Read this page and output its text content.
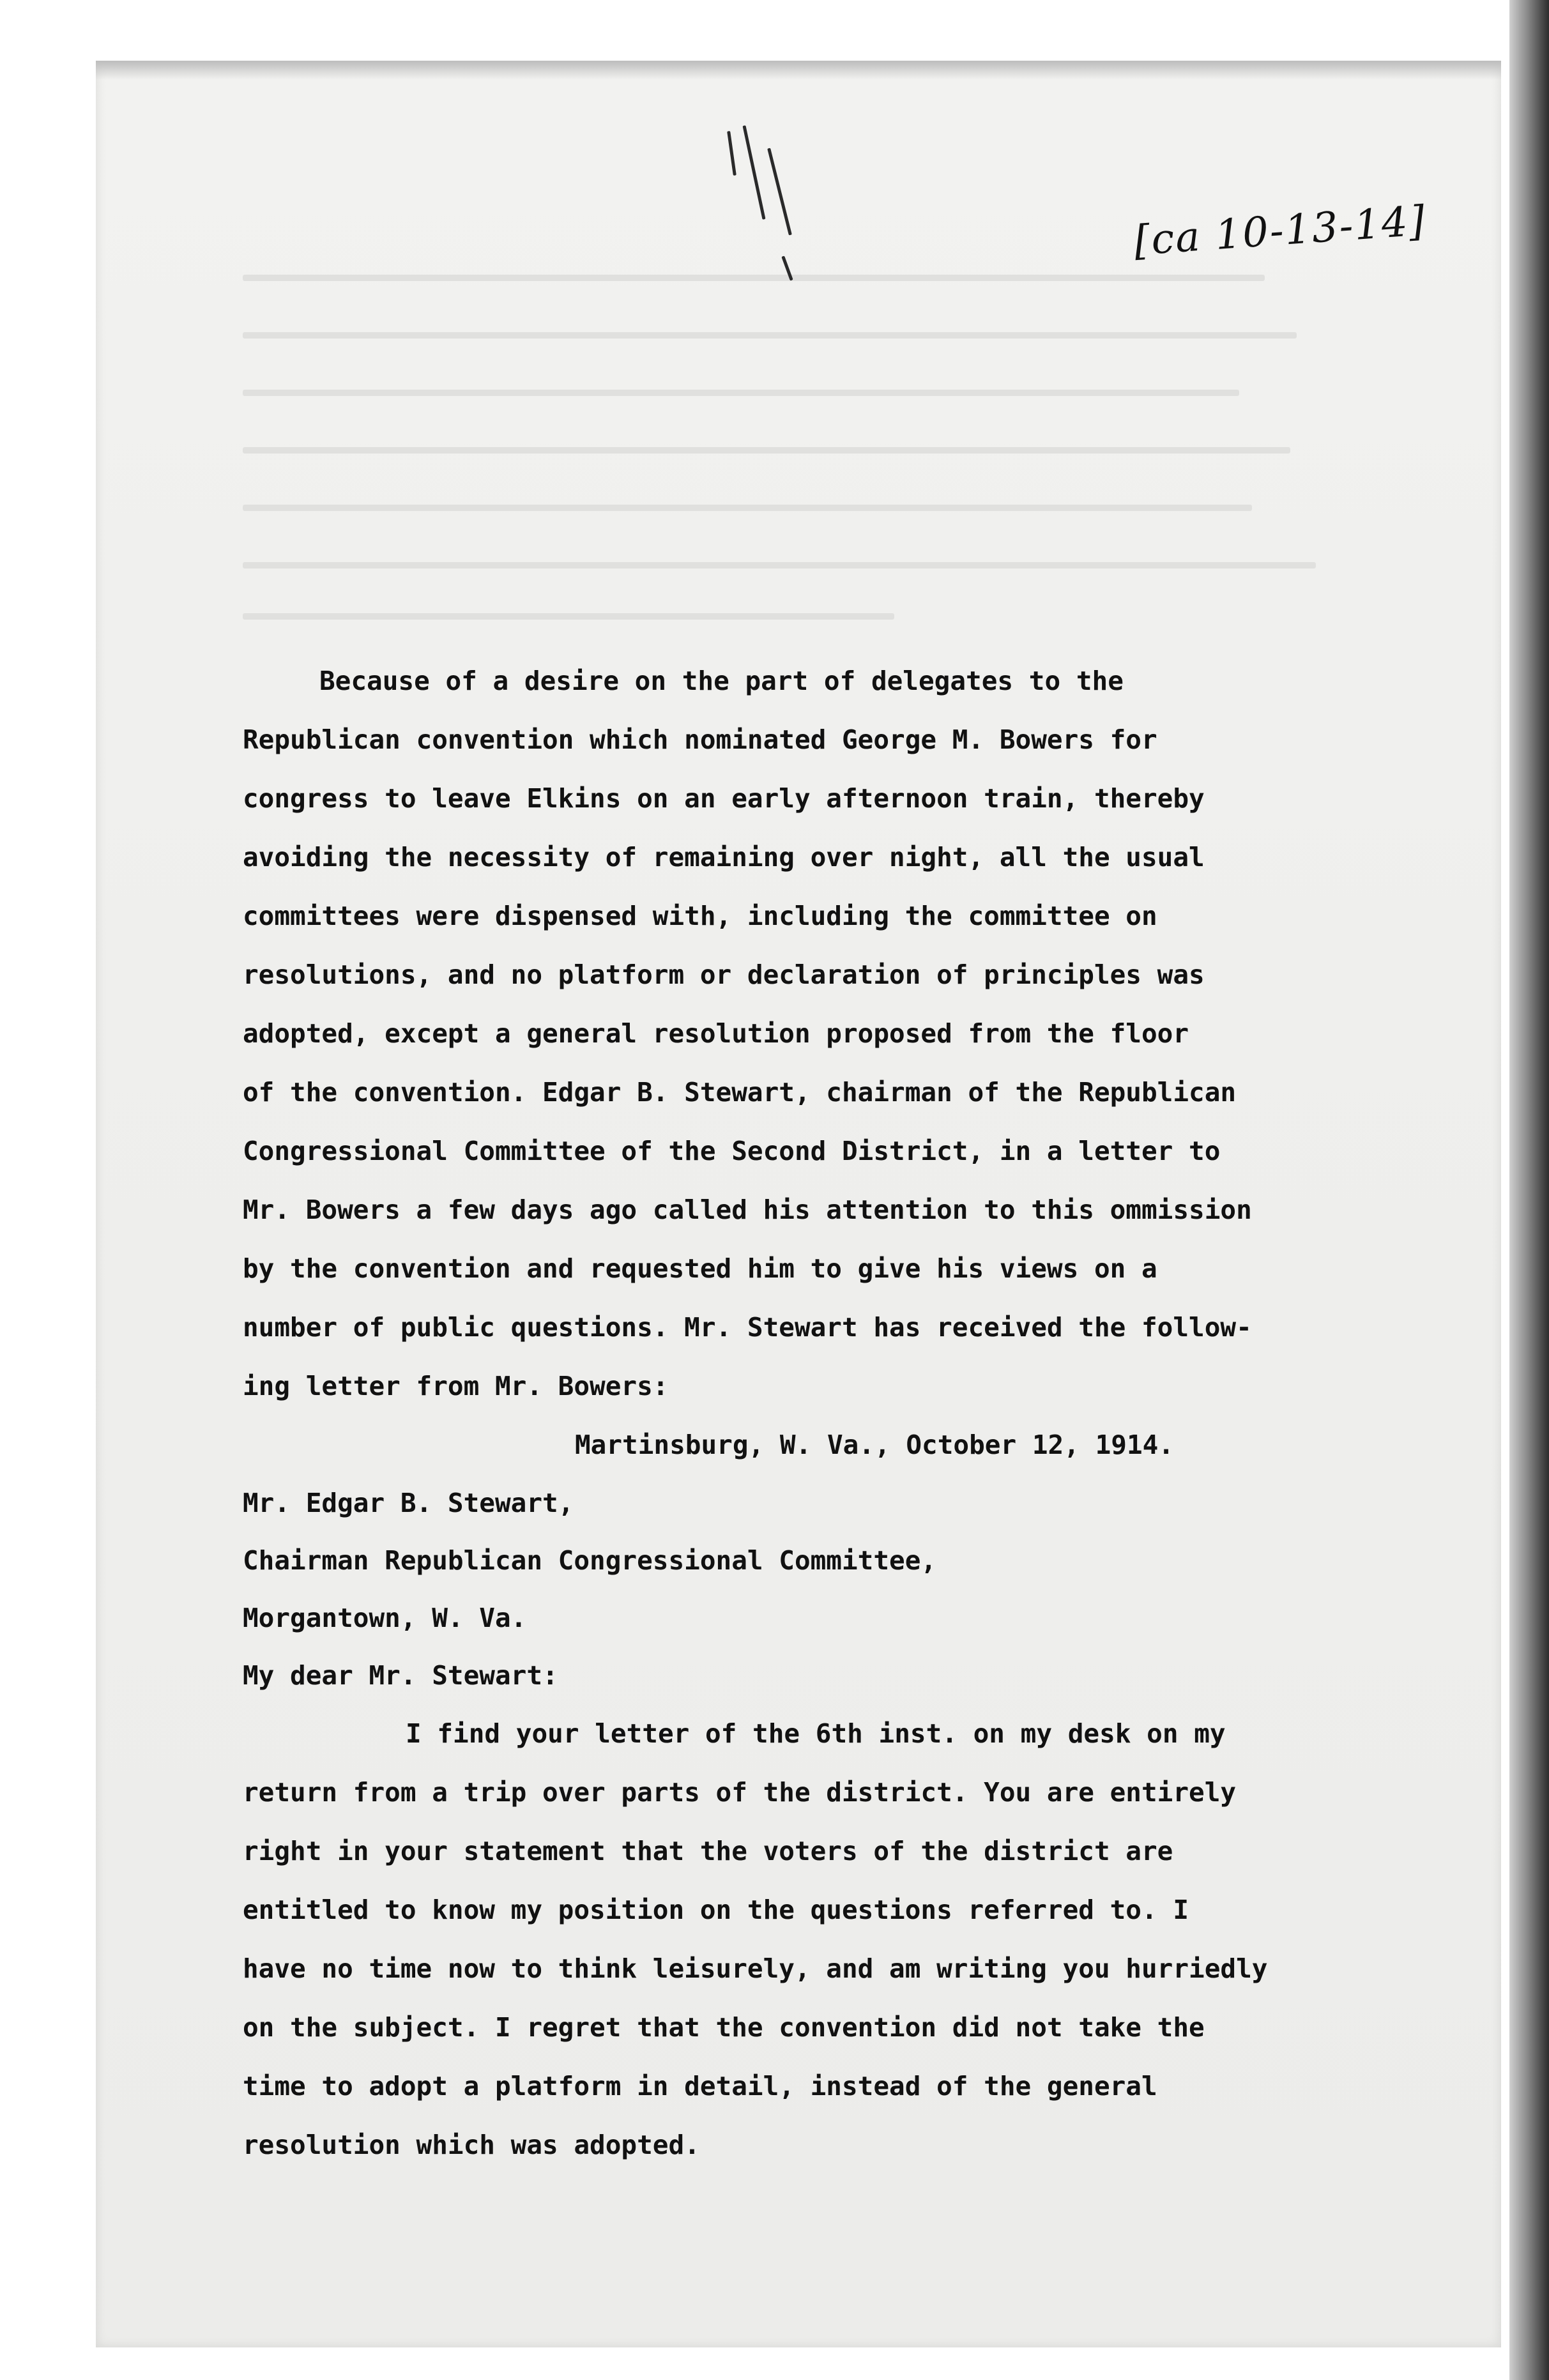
[ca 10-13-14]
Because of a desire on the part of delegates to the
Republican convention which nominated George M. Bowers for
congress to leave Elkins on an early afternoon train, thereby
avoiding the necessity of remaining over night, all the usual
committees were dispensed with, including the committee on
resolutions, and no platform or declaration of principles was
adopted, except a general resolution proposed from the floor
of the convention. Edgar B. Stewart, chairman of the Republican
Congressional Committee of the Second District, in a letter to
Mr. Bowers a few days ago called his attention to this ommission
by the convention and requested him to give his views on a
number of public questions. Mr. Stewart has received the follow-
ing letter from Mr. Bowers:
Martinsburg, W. Va., October 12, 1914.
Mr. Edgar B. Stewart,
Chairman Republican Congressional Committee,
Morgantown, W. Va.
My dear Mr. Stewart:
I find your letter of the 6th inst. on my desk on my
return from a trip over parts of the district. You are entirely
right in your statement that the voters of the district are
entitled to know my position on the questions referred to. I
have no time now to think leisurely, and am writing you hurriedly
on the subject. I regret that the convention did not take the
time to adopt a platform in detail, instead of the general
resolution which was adopted.
